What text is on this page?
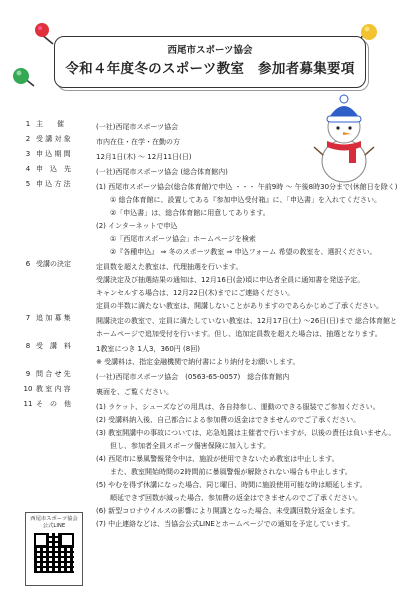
西尾市スポーツ協会
令和４年度冬のスポーツ教室　参加者募集要項
1 主　　催	(一社)西尾市スポーツ協会
2 受 講 対 象	市内在住・在学・在勤の方
3 申 込 期 間	12月1日(木) ～ 12月11日(日)
4 申　込　先	(一社)西尾市スポーツ協会 (総合体育館内)
5 申 込 方 法	(1) 西尾市スポーツ協会(総合体育館)で申込 ・・・ 午前9時 ～ 午後8時30分まで(休館日を除く)
① 総合体育館に、設置してある『参加申込受付箱』に、「申込書」を入れてください。
②「申込書」は、総合体育館に用意してあります。
(2) インターネットで申込
①「西尾市スポーツ協会」ホームページを検索
②『各種申込』 ⇒ 冬のスポーツ教室 ⇒ 申込フォーム 希望の教室を、選択ください。
6 受講の決定	定員数を超えた教室は、代理抽選を行います。
受講決定及び抽選結果の通知は、12月16日(金)頃に申込者全員に通知書を発送予定。
キャンセルする場合は、12月22日(木)までにご連絡ください。
定員の半数に満たない教室は、開講しないことがありますのであらかじめご了承ください。
7 追 加 募 集	開講決定の教室で、定員に満たしていない教室は、12月17日(土) ～26日(日)まで 総合体育館と
ホームページで追加受付を行います。但し、追加定員数を超えた場合は、抽選となります。
8 受　講　料	1教室につき 1人3，360円 (8回)
※ 受講料は、指定金融機関で納付書により納付をお願いします。
9 問 合 せ 先	(一社)西尾市スポーツ協会　(0563-65-0057)　総合体育館内
10 教 室 内 容	裏面を、ご覧ください。
11 そ　の　他	(1) ラケット、シューズなどの用具は、各自持参し、運動のできる服装でご参加ください。
(2) 受講料納入後、自己都合による参加費の返金はできませんのでご了承ください。
(3) 教室開講中の事故については、応急処置は主催者で行いますが、以後の責任は負いません。
但し、参加者全員スポーツ傷害保険に加入します。
(4) 西尾市に暴風警報発令中は、施設が使用できないため教室は中止します。
また、教室開始時間の2時間前に暴風警報が解除されない場合も中止します。
(5) やむを得ず休講になった場合、同じ曜日、時間に施設使用可能な時は順延します。
順延できず回数が減った場合、参加費の返金はできませんのでご了承ください。
(6) 新型コロナウイルスの影響により開講となった場合、未受講回数分返金します。
(7) 中止連絡などは、当協会公式LINEとホームページでの通知を予定しています。
西尾市スポーツ協会
公式LINE
